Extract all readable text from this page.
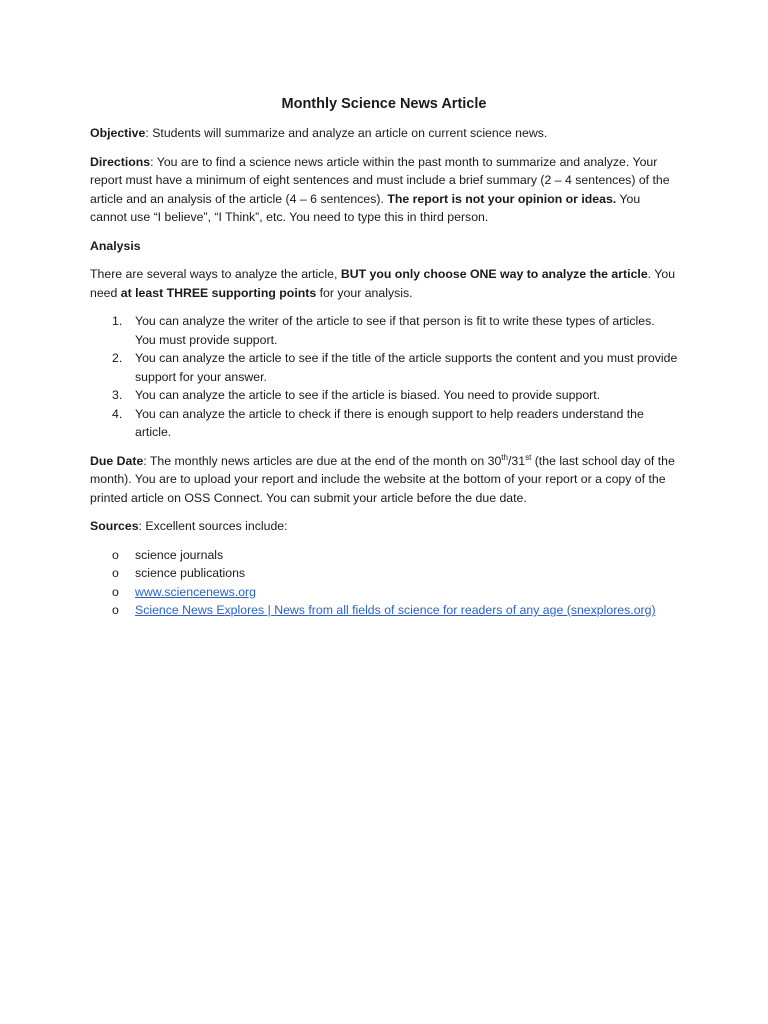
Monthly Science News Article

Objective: Students will summarize and analyze an article on current science news.

Directions: You are to find a science news article within the past month to summarize and analyze. Your report must have a minimum of eight sentences and must include a brief summary (2 – 4 sentences) of the article and an analysis of the article (4 – 6 sentences). The report is not your opinion or ideas. You cannot use “I believe”, “I Think”, etc. You need to type this in third person.

Analysis

There are several ways to analyze the article, BUT you only choose ONE way to analyze the article. You need at least THREE supporting points for your analysis.

1. You can analyze the writer of the article to see if that person is fit to write these types of articles. You must provide support.
2. You can analyze the article to see if the title of the article supports the content and you must provide support for your answer.
3. You can analyze the article to see if the article is biased. You need to provide support.
4. You can analyze the article to check if there is enough support to help readers understand the article.

Due Date: The monthly news articles are due at the end of the month on 30th/31st (the last school day of the month). You are to upload your report and include the website at the bottom of your report or a copy of the printed article on OSS Connect. You can submit your article before the due date.

Sources: Excellent sources include:

o science journals
o science publications
o www.sciencenews.org
o Science News Explores | News from all fields of science for readers of any age (snexplores.org)
